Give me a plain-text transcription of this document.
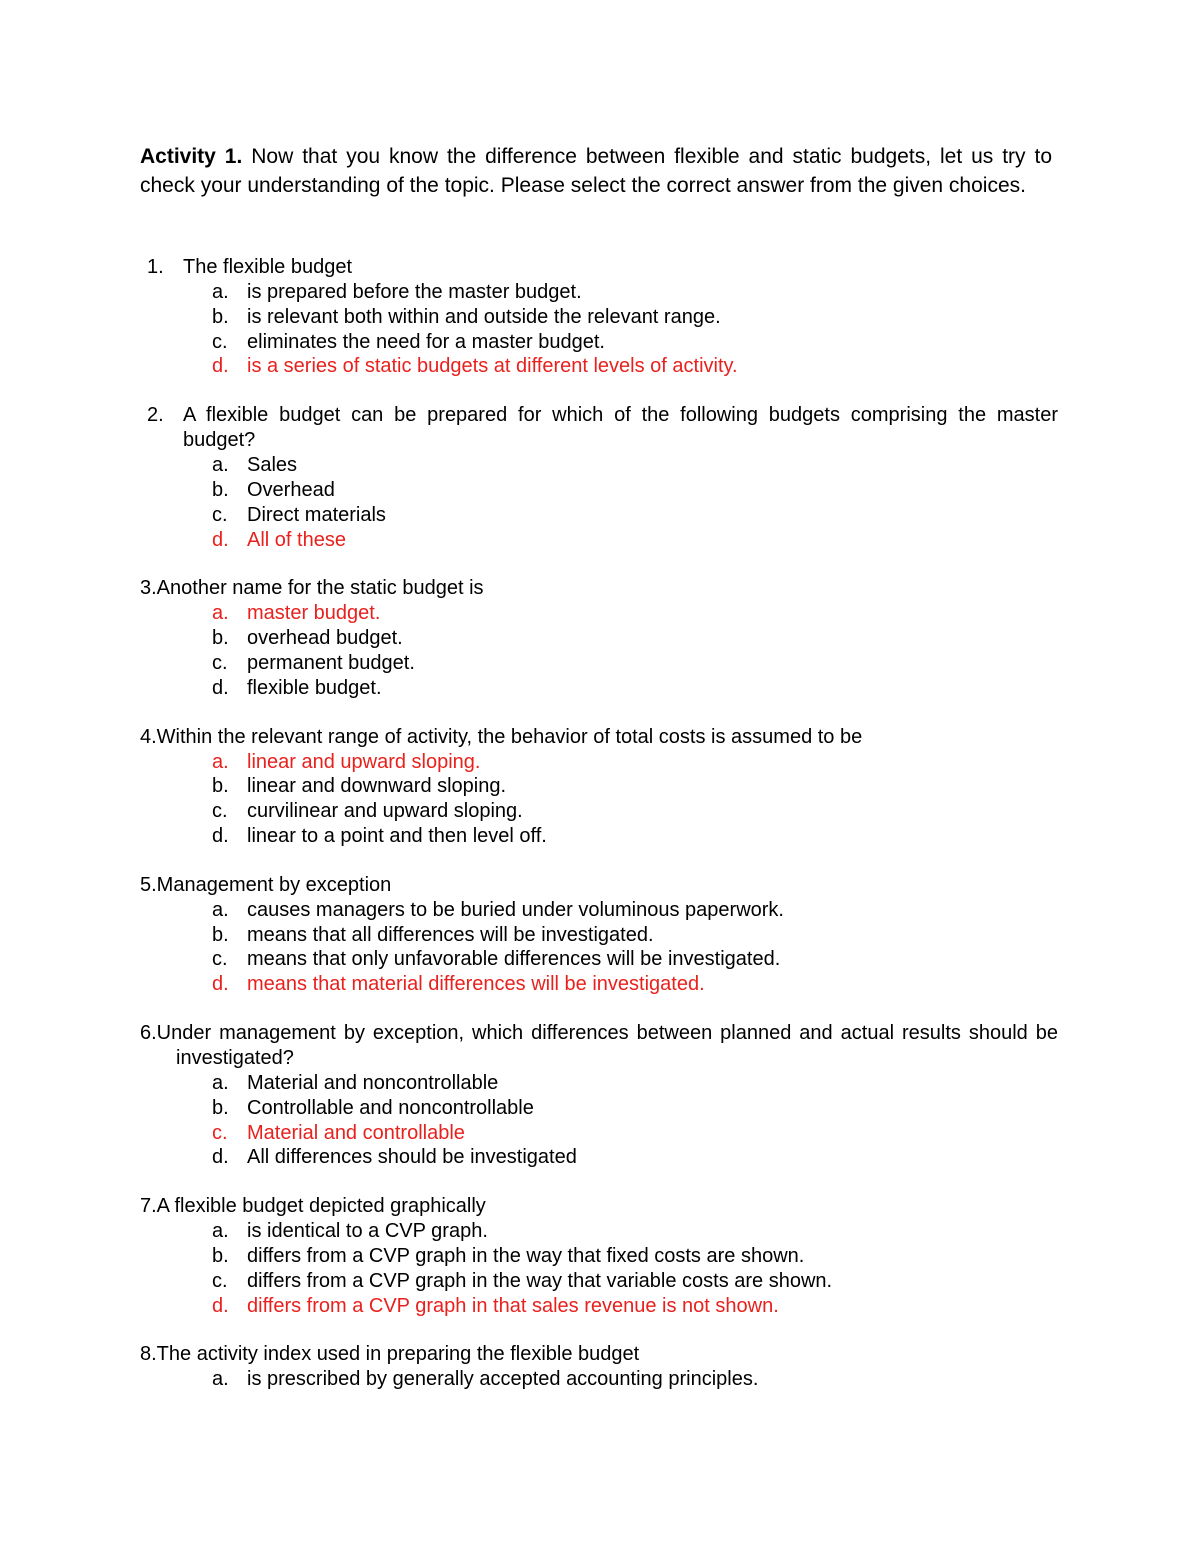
Activity 1. Now that you know the difference between flexible and static budgets, let us try to check your understanding of the topic. Please select the correct answer from the given choices.

1. The flexible budget
a. is prepared before the master budget.
b. is relevant both within and outside the relevant range.
c. eliminates the need for a master budget.
d. is a series of static budgets at different levels of activity.
2. A flexible budget can be prepared for which of the following budgets comprising the master budget?
a. Sales
b. Overhead
c. Direct materials
d. All of these
3.Another name for the static budget is
a. master budget.
b. overhead budget.
c. permanent budget.
d. flexible budget.
4.Within the relevant range of activity, the behavior of total costs is assumed to be
a. linear and upward sloping.
b. linear and downward sloping.
c. curvilinear and upward sloping.
d. linear to a point and then level off.
5.Management by exception
a. causes managers to be buried under voluminous paperwork.
b. means that all differences will be investigated.
c. means that only unfavorable differences will be investigated.
d. means that material differences will be investigated.
6.Under management by exception, which differences between planned and actual results should be investigated?
a. Material and noncontrollable
b. Controllable and noncontrollable
c. Material and controllable
d. All differences should be investigated
7.A flexible budget depicted graphically
a. is identical to a CVP graph.
b. differs from a CVP graph in the way that fixed costs are shown.
c. differs from a CVP graph in the way that variable costs are shown.
d. differs from a CVP graph in that sales revenue is not shown.
8.The activity index used in preparing the flexible budget
a. is prescribed by generally accepted accounting principles.
